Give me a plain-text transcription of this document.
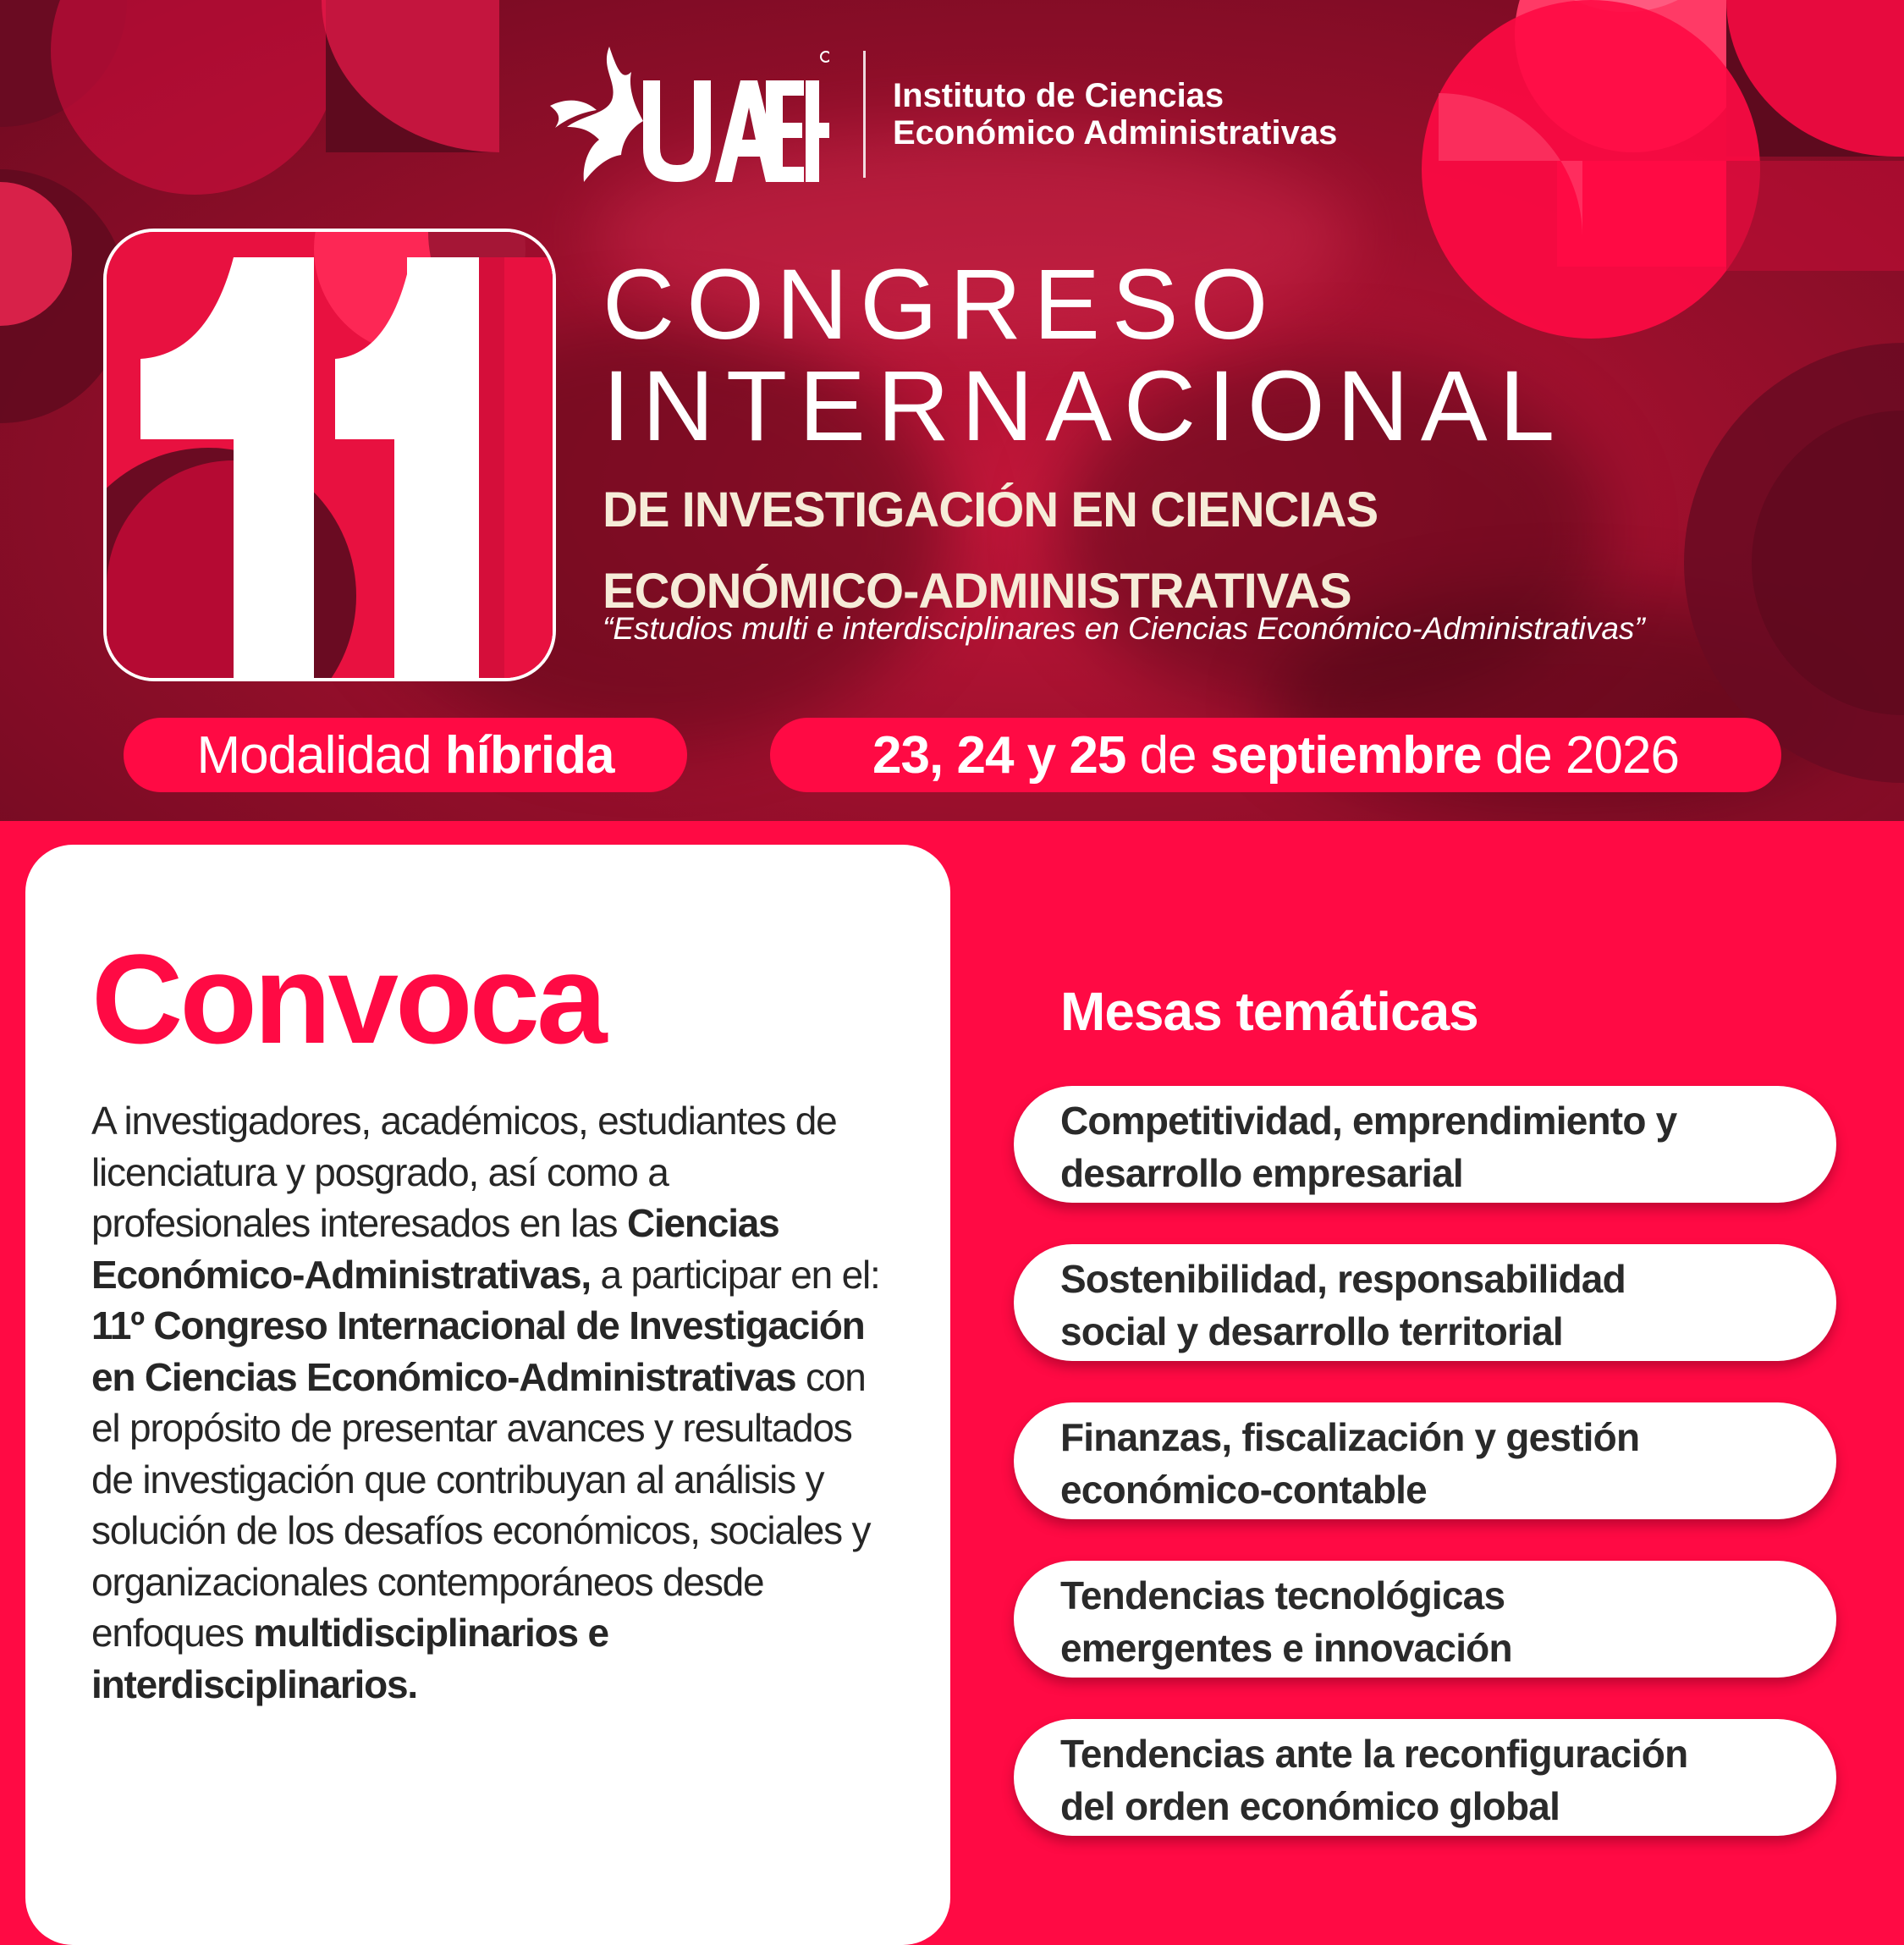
Instituto de Ciencias
Económico Administrativas
CONGRESO
INTERNACIONAL
DE INVESTIGACIÓN EN CIENCIAS
ECONÓMICO-ADMINISTRATIVAS
“Estudios multi e interdisciplinares en Ciencias Económico-Administrativas”
Modalidad
híbrida	23, 24 y 25
de
septiembre
de
2026
Convoca
A investigadores, académicos, estudiantes de licenciatura y posgrado, así como a profesionales interesados en las Ciencias Económico-Administrativas, a participar en el: 11º Congreso Internacional de Investigación en Ciencias Económico-Administrativas con el propósito de presentar avances y resultados de investigación que contribuyan al análisis y solución de los desafíos económicos, sociales y organizacionales contemporáneos desde enfoques multidisciplinarios e interdisciplinarios.
Mesas temáticas
Competitividad, emprendimiento y
desarrollo empresarial
Sostenibilidad, responsabilidad
social y desarrollo territorial
Finanzas, fiscalización y gestión
económico-contable
Tendencias tecnológicas
emergentes e innovación
Tendencias ante la reconfiguración
del orden económico global
